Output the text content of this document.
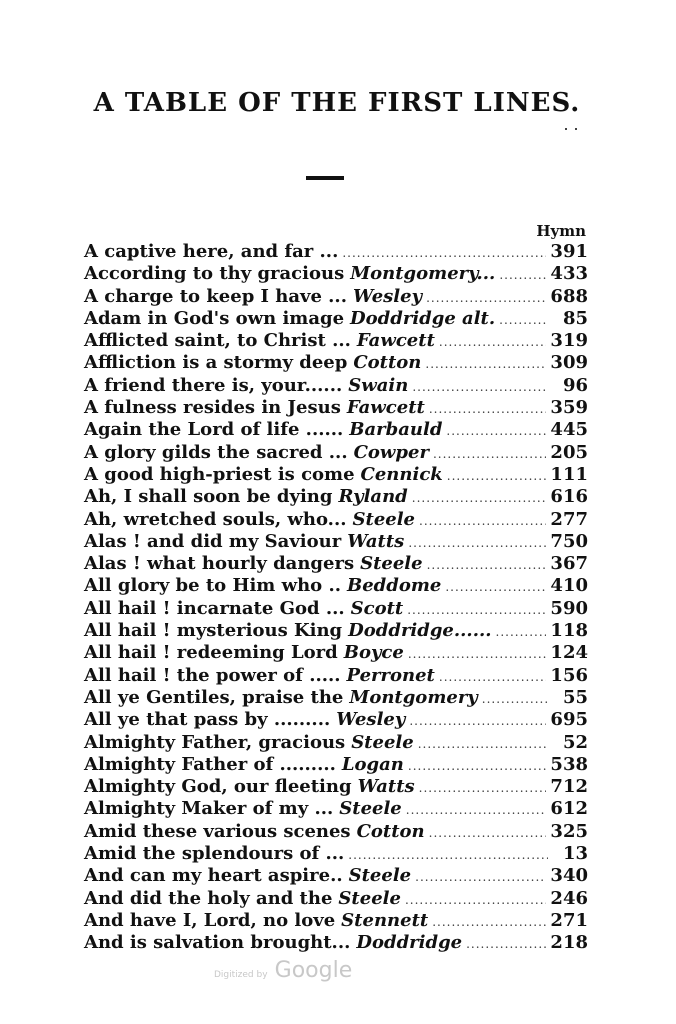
A TABLE OF THE FIRST LINES.
Hymn
A captive here, and far ... .....	391
According to thy gracious Montgomery... .....	433
A charge to keep I have ... Wesley .....	688
Adam in God's own image Doddridge alt. .....	85
Afflicted saint, to Christ ... Fawcett .....	319
Affliction is a stormy deep Cotton .....	309
A friend there is, your...... Swain .....	96
A fulness resides in Jesus Fawcett .....	359
Again the Lord of life ...... Barbauld .....	445
A glory gilds the sacred ... Cowper .....	205
A good high-priest is come Cennick .....	111
Ah, I shall soon be dying Ryland .....	616
Ah, wretched souls, who... Steele .....	277
Alas ! and did my Saviour Watts .....	750
Alas ! what hourly dangers Steele .....	367
All glory be to Him who .. Beddome .....	410
All hail ! incarnate God ... Scott .....	590
All hail ! mysterious King Doddridge...... .....	118
All hail ! redeeming Lord Boyce .....	124
All hail ! the power of ..... Perronet .....	156
All ye Gentiles, praise the Montgomery .....	55
All ye that pass by ......... Wesley .....	695
Almighty Father, gracious Steele .....	52
Almighty Father of ......... Logan .....	538
Almighty God, our fleeting Watts .....	712
Almighty Maker of my ... Steele .....	612
Amid these various scenes Cotton .....	325
Amid the splendours of ... .....	13
And can my heart aspire.. Steele .....	340
And did the holy and the Steele .....	246
And have I, Lord, no love Stennett .....	271
And is salvation brought... Doddridge .....	218
Digitized by Google
